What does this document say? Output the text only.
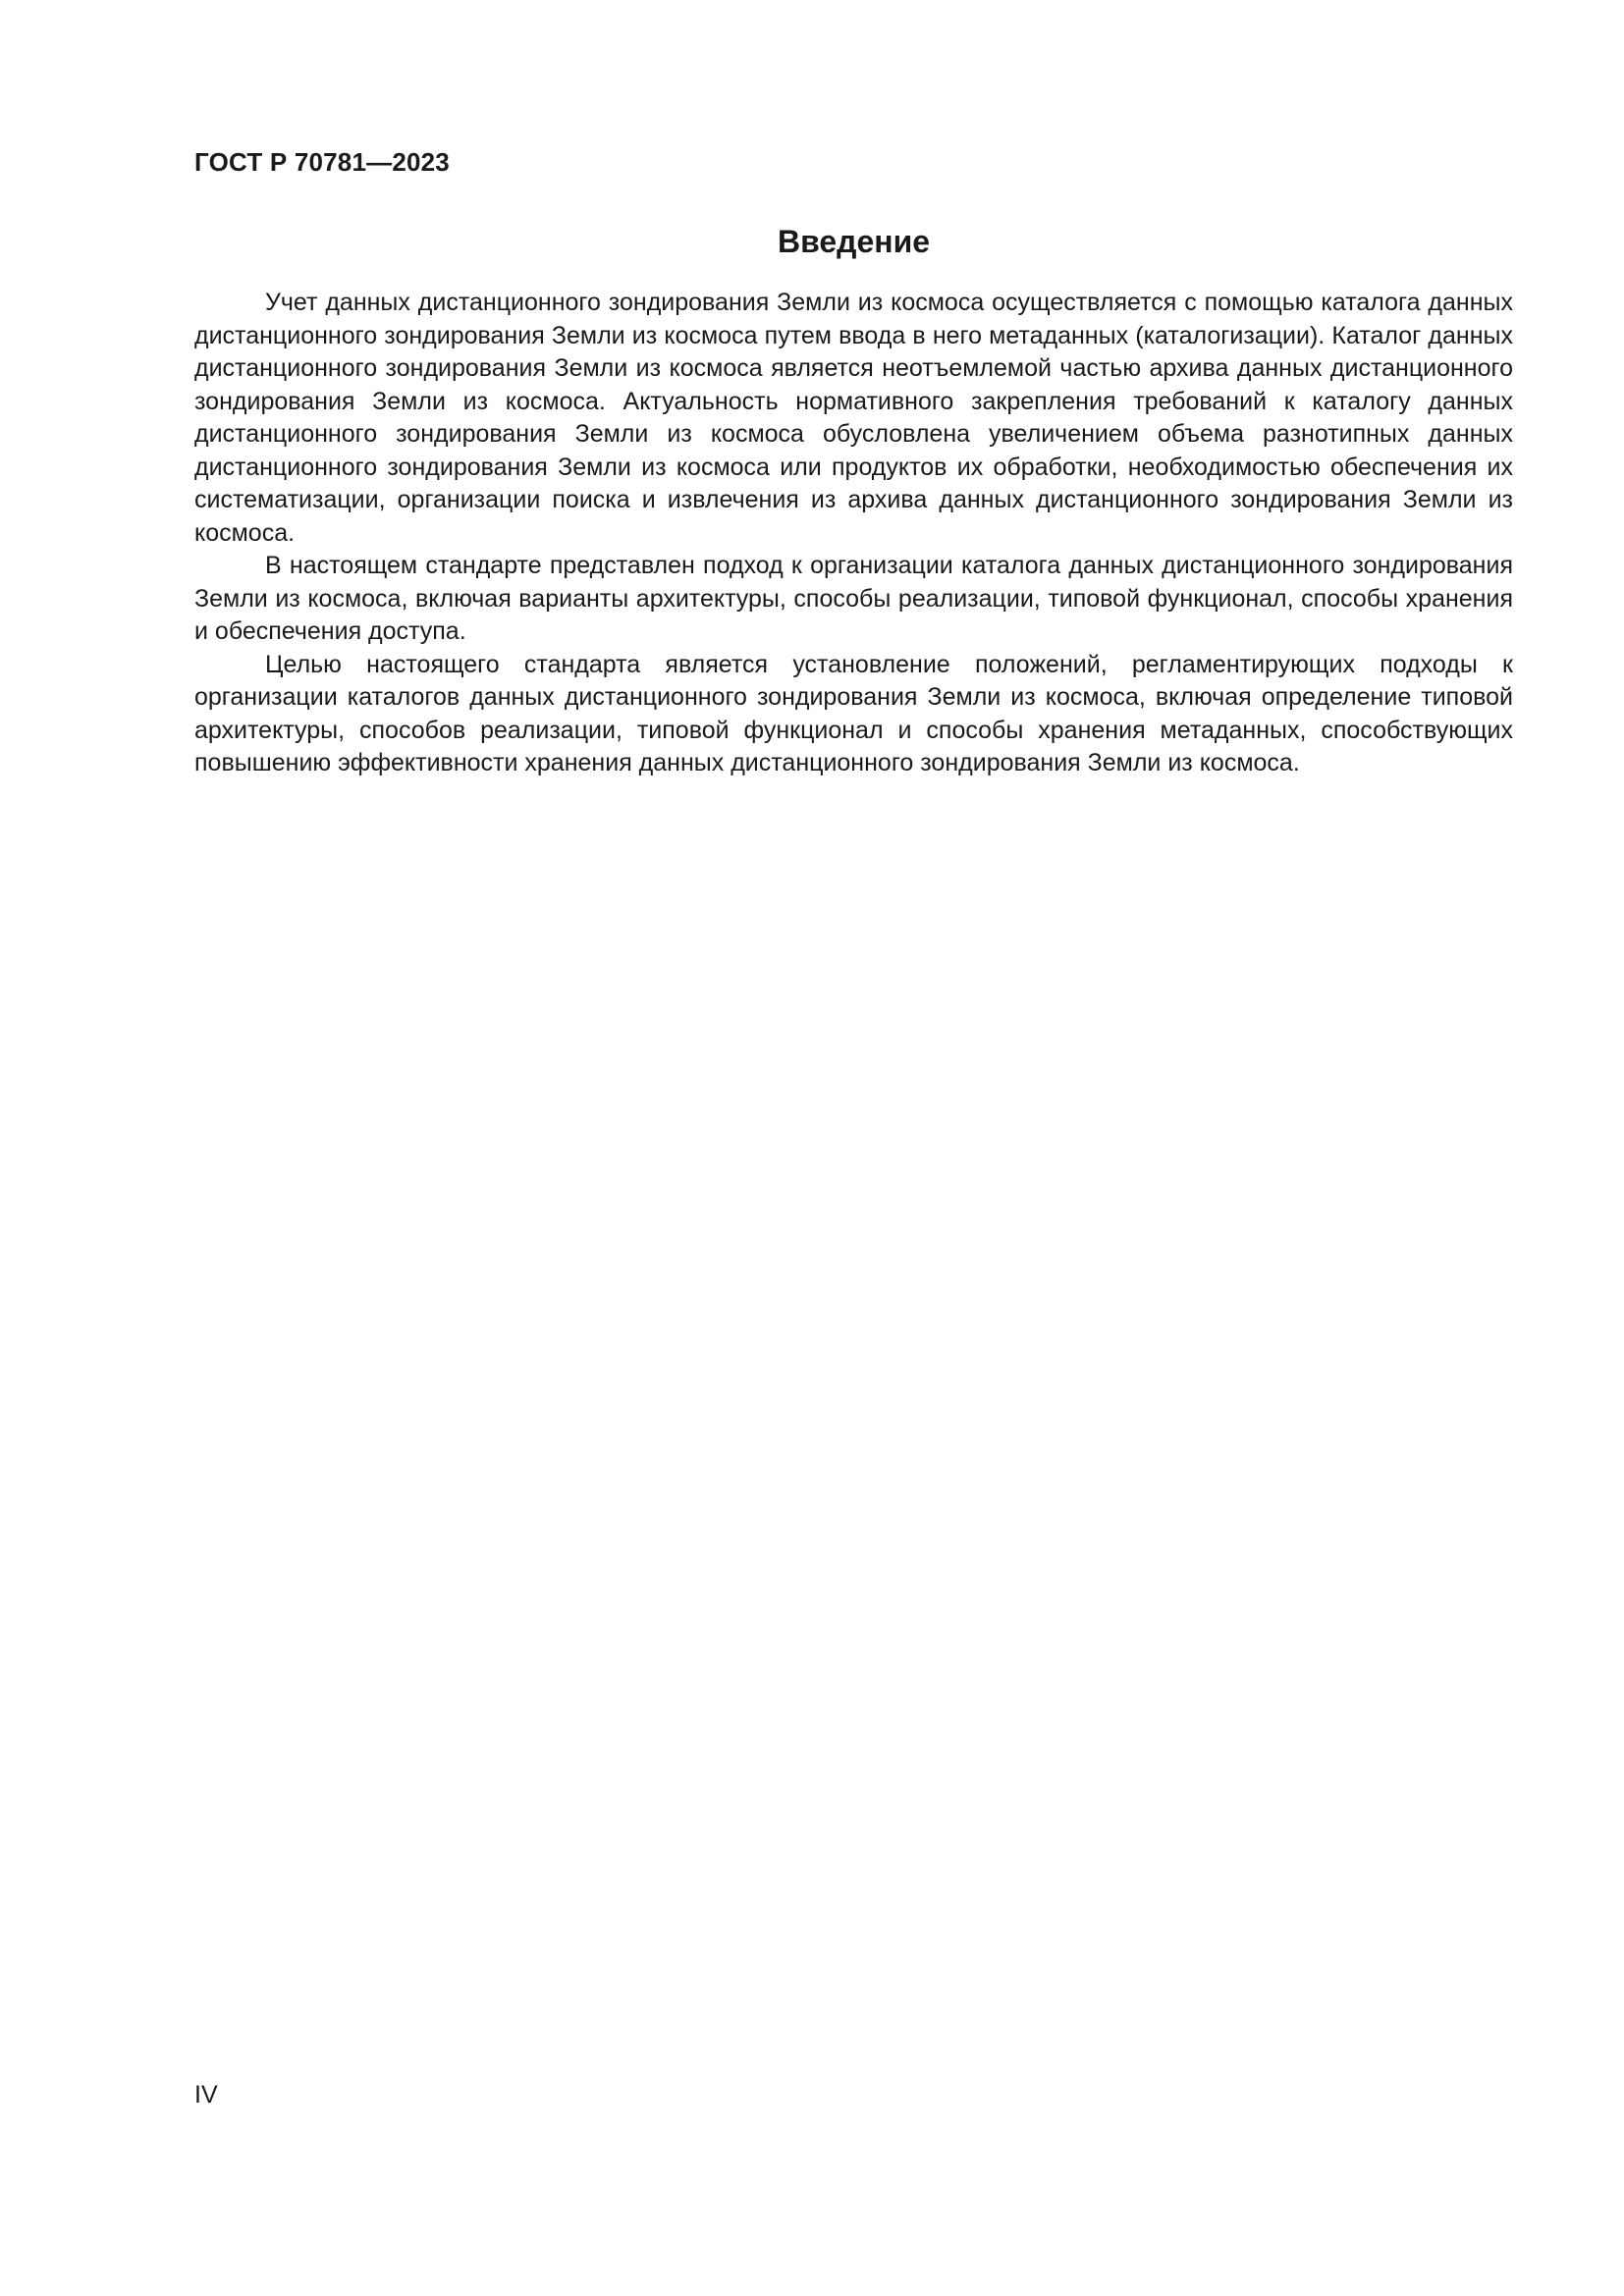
ГОСТ Р 70781—2023
Введение

Учет данных дистанционного зондирования Земли из космоса осуществляется с помощью каталога данных дистанционного зондирования Земли из космоса путем ввода в него метаданных (каталогизации). Каталог данных дистанционного зондирования Земли из космоса является неотъемлемой частью архива данных дистанционного зондирования Земли из космоса. Актуальность нормативного закрепления требований к каталогу данных дистанционного зондирования Земли из космоса обусловлена увеличением объема разнотипных данных дистанционного зондирования Земли из космоса или продуктов их обработки, необходимостью обеспечения их систематизации, организации поиска и извлечения из архива данных дистанционного зондирования Земли из космоса.

В настоящем стандарте представлен подход к организации каталога данных дистанционного зондирования Земли из космоса, включая варианты архитектуры, способы реализации, типовой функционал, способы хранения и обеспечения доступа.

Целью настоящего стандарта является установление положений, регламентирующих подходы к организации каталогов данных дистанционного зондирования Земли из космоса, включая определение типовой архитектуры, способов реализации, типовой функционал и способы хранения метаданных, способствующих повышению эффективности хранения данных дистанционного зондирования Земли из космоса.

IV
